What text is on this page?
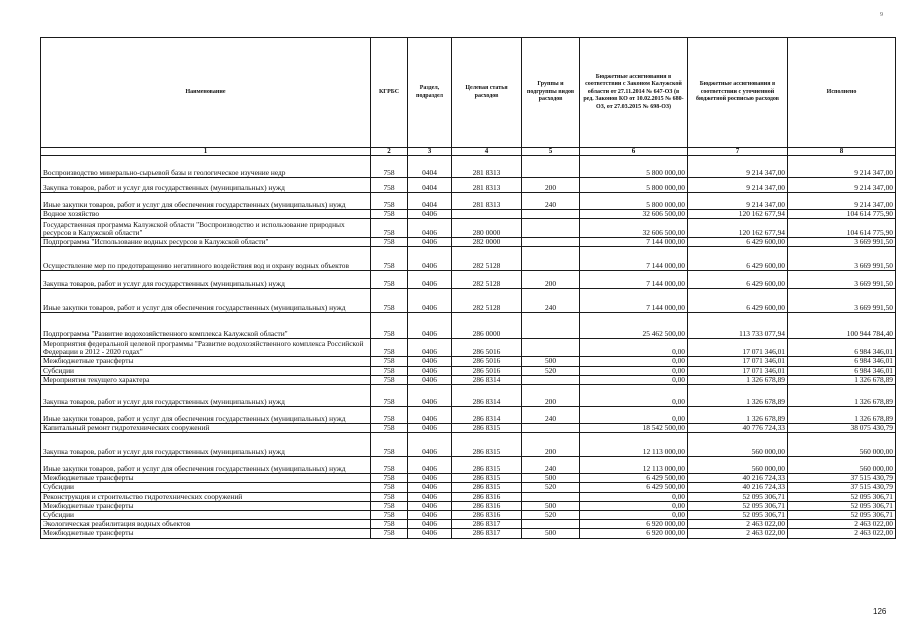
9
Наименование	КГРБС	Раздел, подраздел	Целевая статья расходов	Группы и подгруппы видов расходов	Бюджетные ассигнования в соответствии с Законом Калужской области от 27.11.2014 № 647-ОЗ (в ред. Законов КО от 10.02.2015 № 680-ОЗ, от 27.03.2015 № 698-ОЗ)	Бюджетные ассигнования в соответствии с уточненной бюджетной росписью расходов	Исполнено
1	2	3	4	5	6	7	8
Воспроизводство минерально-сырьевой базы и геологическое изучение недр	758	0404	281 8313		5 800 000,00	9 214 347,00	9 214 347,00
Закупка товаров, работ и услуг для государственных (муниципальных) нужд	758	0404	281 8313	200	5 800 000,00	9 214 347,00	9 214 347,00
Иные закупки товаров, работ и услуг для обеспечения государственных (муниципальных) нужд	758	0404	281 8313	240	5 800 000,00	9 214 347,00	9 214 347,00
Водное хозяйство	758	0406			32 606 500,00	120 162 677,94	104 614 775,90
Государственная программа Калужской области "Воспроизводство и использование природных ресурсов в Калужской области"	758	0406	280 0000		32 606 500,00	120 162 677,94	104 614 775,90
Подпрограмма "Использование водных ресурсов в Калужской области"	758	0406	282 0000		7 144 000,00	6 429 600,00	3 669 991,50
Осуществление мер по предотвращению негативного воздействия вод и охрану водных объектов	758	0406	282 5128		7 144 000,00	6 429 600,00	3 669 991,50
Закупка товаров, работ и услуг для государственных (муниципальных) нужд	758	0406	282 5128	200	7 144 000,00	6 429 600,00	3 669 991,50
Иные закупки товаров, работ и услуг для обеспечения государственных (муниципальных) нужд	758	0406	282 5128	240	7 144 000,00	6 429 600,00	3 669 991,50
Подпрограмма "Развитие водохозяйственного комплекса Калужской области"	758	0406	286 0000		25 462 500,00	113 733 077,94	100 944 784,40
Мероприятия федеральной целевой программы "Развитие водохозяйственного комплекса Российской Федерации в 2012 - 2020 годах"	758	0406	286 5016		0,00	17 071 346,01	6 984 346,01
Межбюджетные трансферты	758	0406	286 5016	500	0,00	17 071 346,01	6 984 346,01
Субсидии	758	0406	286 5016	520	0,00	17 071 346,01	6 984 346,01
Мероприятия текущего характера	758	0406	286 8314		0,00	1 326 678,89	1 326 678,89
Закупка товаров, работ и услуг для государственных (муниципальных) нужд	758	0406	286 8314	200	0,00	1 326 678,89	1 326 678,89
Иные закупки товаров, работ и услуг для обеспечения государственных (муниципальных) нужд	758	0406	286 8314	240	0,00	1 326 678,89	1 326 678,89
Капитальный ремонт гидротехнических сооружений	758	0406	286 8315		18 542 500,00	40 776 724,33	38 075 430,79
Закупка товаров, работ и услуг для государственных (муниципальных) нужд	758	0406	286 8315	200	12 113 000,00	560 000,00	560 000,00
Иные закупки товаров, работ и услуг для обеспечения государственных (муниципальных) нужд	758	0406	286 8315	240	12 113 000,00	560 000,00	560 000,00
Межбюджетные трансферты	758	0406	286 8315	500	6 429 500,00	40 216 724,33	37 515 430,79
Субсидии	758	0406	286 8315	520	6 429 500,00	40 216 724,33	37 515 430,79
Реконструкция и строительство гидротехнических сооружений	758	0406	286 8316		0,00	52 095 306,71	52 095 306,71
Межбюджетные трансферты	758	0406	286 8316	500	0,00	52 095 306,71	52 095 306,71
Субсидии	758	0406	286 8316	520	0,00	52 095 306,71	52 095 306,71
Экологическая реабилитация водных объектов	758	0406	286 8317		6 920 000,00	2 463 022,00	2 463 022,00
Межбюджетные трансферты	758	0406	286 8317	500	6 920 000,00	2 463 022,00	2 463 022,00
126
